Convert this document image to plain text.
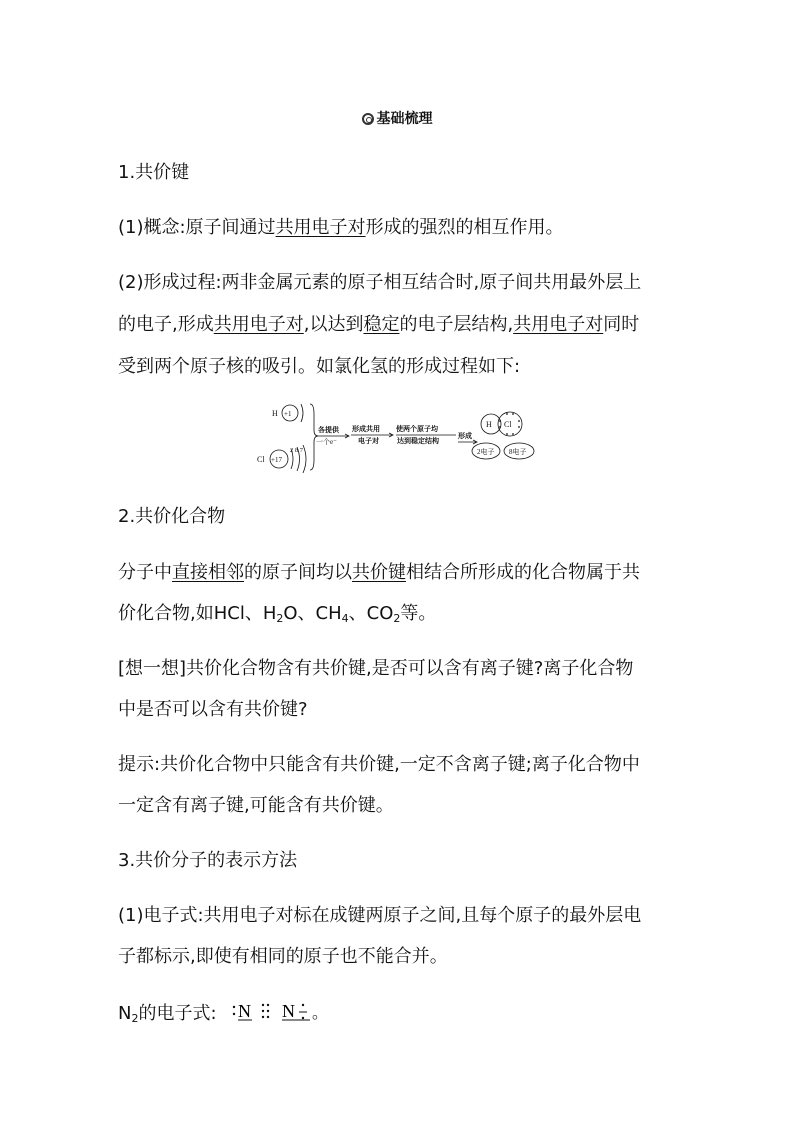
基础梳理
1.共价键
(1)概念:原子间通过共用电子对形成的强烈的相互作用。
(2)形成过程:两非金属元素的原子相互结合时,原子间共用最外层上
的电子,形成共用电子对,以达到稳定的电子层结构,共用电子对同时
受到两个原子核的吸引。如氯化氢的形成过程如下:
H +1
Cl +17
2 8 7
各提供
一个e⁻
形成共用
电子对
使两个原子均
达到稳定结构
形成
H Cl
2电子 8电子
2.共价化合物
分子中直接相邻的原子间均以共价键相结合所形成的化合物属于共
价化合物,如HCl、$H_2O$、$CH_4$、$CO_2$等。
[想一想]共价化合物含有共价键,是否可以含有离子键?离子化合物
中是否可以含有共价键?
提示:共价化合物中只能含有共价键,一定不含离子键;离子化合物中
一定含有离子键,可能含有共价键。
3.共价分子的表示方法
(1)电子式:共用电子对标在成键两原子之间,且每个原子的最外层电
子都标示,即使有相同的原子也不能合并。
$N_2$的电子式: N N 。
